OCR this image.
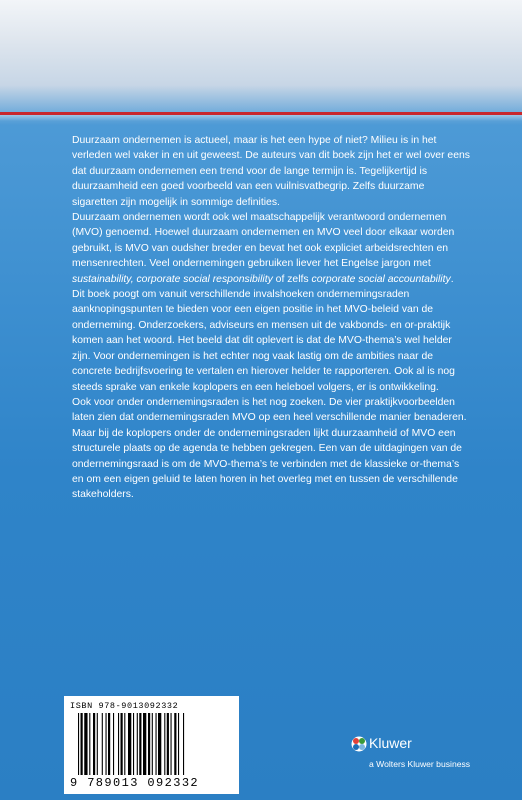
Duurzaam ondernemen is actueel, maar is het een hype of niet? Milieu is in het verleden wel vaker in en uit geweest. De auteurs van dit boek zijn het er wel over eens dat duurzaam ondernemen een trend voor de lange termijn is. Tegelijkertijd is duurzaamheid een goed voorbeeld van een vuilnisvatbegrip. Zelfs duurzame sigaretten zijn mogelijk in sommige definities.

Duurzaam ondernemen wordt ook wel maatschappelijk verantwoord ondernemen (MVO) genoemd. Hoewel duurzaam ondernemen en MVO veel door elkaar worden gebruikt, is MVO van oudsher breder en bevat het ook expliciet arbeidsrechten en mensenrechten. Veel ondernemingen gebruiken liever het Engelse jargon met sustainability, corporate social responsibility of zelfs corporate social accountability.

Dit boek poogt om vanuit verschillende invalshoeken ondernemingsraden aanknopingspunten te bieden voor een eigen positie in het MVO-beleid van de onderneming. Onderzoekers, adviseurs en mensen uit de vakbonds- en or-praktijk komen aan het woord. Het beeld dat dit oplevert is dat de MVO-thema’s wel helder zijn. Voor ondernemingen is het echter nog vaak lastig om de ambities naar de concrete bedrijfsvoering te vertalen en hierover helder te rapporteren. Ook al is nog steeds sprake van enkele koplopers en een heleboel volgers, er is ontwikkeling.

Ook voor onder ondernemingsraden is het nog zoeken. De vier praktijkvoorbeelden laten zien dat ondernemingsraden MVO op een heel verschillende manier benaderen. Maar bij de koplopers onder de ondernemingsraden lijkt duurzaamheid of MVO een structurele plaats op de agenda te hebben gekregen. Een van de uitdagingen van de ondernemingsraad is om de MVO-thema’s te verbinden met de klassieke or-thema’s en om een eigen geluid te laten horen in het overleg met en tussen de verschillende stakeholders.

ISBN 978-9013092332
9 789013 092332
Kluwer
a Wolters Kluwer business
